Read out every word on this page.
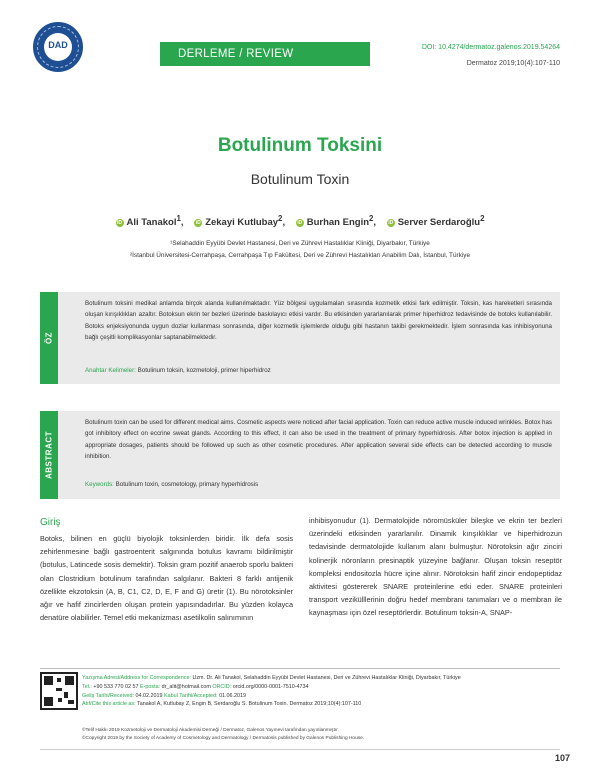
DAD
DERLEME / REVIEW
DOI: 10.4274/dermatoz.galenos.2019.54264
Dermatoz 2019;10(4):107-110
Botulinum Toksini
Botulinum Toxin
iD Ali Tanakol$^1$, iD Zekayi Kutlubay$^2$, iD Burhan Engin$^2$, iD Server Serdaroğlu$^2$
¹Selahaddin Eyyübi Devlet Hastanesi, Deri ve Zührevi Hastalıklar Kliniği, Diyarbakır, Türkiye
²İstanbul Üniversitesi-Cerrahpaşa, Cerrahpaşa Tıp Fakültesi, Deri ve Zührevi Hastalıkları Anabilim Dalı, İstanbul, Türkiye
ÖZ
Botulinum toksini medikal anlamda birçok alanda kullanılmaktadır. Yüz bölgesi uygulamaları sırasında kozmetik etkisi fark edilmiştir. Toksin, kas hareketleri sırasında oluşan kırışıklıkları azaltır. Botoksun ekrin ter bezleri üzerinde baskılayıcı etkisi vardır. Bu etkisinden yararlanılarak primer hiperhidroz tedavisinde de botoks kullanılabilir. Botoks enjeksiyonunda uygun dozlar kullanması sonrasında, diğer kozmetik işlemlerde olduğu gibi hastanın takibi gerekmektedir. İşlem sonrasında kas inhibisyonuna bağlı çeşitli komplikasyonlar saptanabilmektedir.
Anahtar Kelimeler: Botulinum toksin, kozmetoloji, primer hiperhidroz
ABSTRACT
Botulinum toxin can be used for different medical aims. Cosmetic aspects were noticed after facial application. Toxin can reduce active muscle induced wrinkles. Botox has got inhibitory effect on eccrine sweat glands. According to this effect, it can also be used in the treatment of primary hyperhidrosis. After botox injection is applied in appropriate dosages, patients should be followed up such as other cosmetic procedures. After application several side effects can be detected according to muscle inhibition.
Keywords: Botulinum toxin, cosmetology, primary hyperhidrosis
Giriş
Botoks, bilinen en güçlü biyolojik toksinlerden biridir. İlk defa sosis zehirlenmesine bağlı gastroenterit salgınında botulus kavramı bildirilmiştir (botulus, Latincede sosis demektir). Toksin gram pozitif anaerob sporlu bakteri olan Clostridium botulinum tarafından salgılanır. Bakteri 8 farklı antijenik özellikte ekzotoksin (A, B, C1, C2, D, E, F and G) üretir (1). Bu nörotoksinler ağır ve hafif zincirlerden oluşan protein yapısındadırlar. Bu yüzden kolayca denatüre olabilirler. Temel etki mekanizması asetilkolin salınımının
inhibisyonudur (1). Dermatolojide nöromüsküler bileşke ve ekrin ter bezleri üzerindeki etkisinden yararlanılır. Dinamik kırışıklıklar ve hiperhidrozun tedavisinde dermatolojide kullanım alanı bulmuştur. Nörotoksin ağır zinciri kolinerjik nöronların presinaptik yüzeyine bağlanır. Oluşan toksin reseptör kompleksi endositozla hücre içine alınır. Nörotoksin hafif zincir endopeptidaz aktivitesi göstererek SNARE proteinlerine etki eder. SNARE proteinleri transport vezikülllerinin doğru hedef membranı tanımaları ve o membran ile kaynaşması için özel reseptörlerdir. Botulinum toksin-A, SNAP-
Yazışma Adresi/Address for Correspondence: Uzm. Dr. Ali Tanakol, Selahaddin Eyyübi Devlet Hastanesi, Deri ve Zührevi Hastalıklar Kliniği, Diyarbakır, Türkiye
Tel.: +90 533 770 02 57 E-posta: dr_alit@hotmail.com ORCID: orcid.org/0000-0001-7510-4734
Geliş Tarihi/Received: 04.02.2019 Kabul Tarihi/Accepted: 01.06.2019
Atıf/Cite this article as: Tanakol A, Kutlubay Z, Engin B, Serdaroğlu S. Botulinum Toxin. Dermatoz 2019;10(4):107-110
©Telif Hakkı 2019 Kozmetoloji ve Dermatoloji Akademisi Derneği / Dermatoz, Galenos Yayınevi tarafından yayınlanmıştır.
©Copyright 2019 by the Society of Academy of Cosmetology and Dermatology / Dermatosis published by Galenos Publishing House.
107
